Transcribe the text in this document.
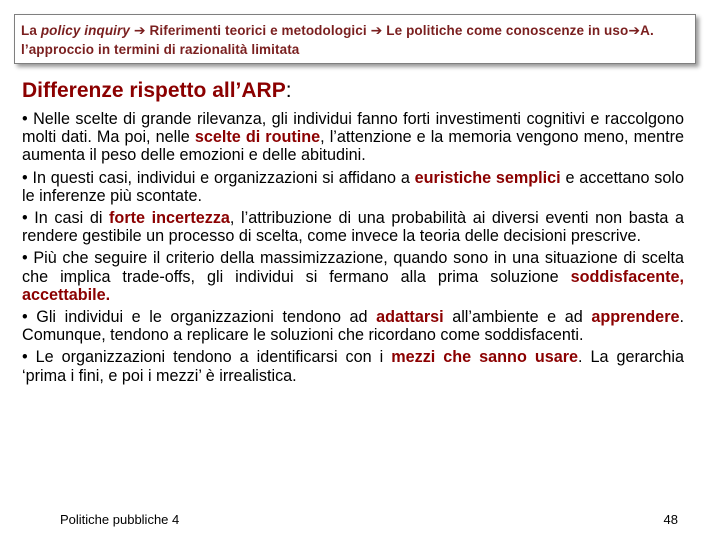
La policy inquiry ➔ Riferimenti teorici e metodologici ➔ Le politiche come conoscenze in uso➔A. l’approccio in termini di razionalità limitata
Differenze rispetto all’ARP:

• Nelle scelte di grande rilevanza, gli individui fanno forti investimenti cognitivi e raccolgono molti dati. Ma poi, nelle scelte di routine, l’attenzione e la memoria vengono meno, mentre aumenta il peso delle emozioni e delle abitudini.

• In questi casi, individui e organizzazioni si affidano a euristiche semplici e accettano solo le inferenze più scontate.

• In casi di forte incertezza, l’attribuzione di una probabilità ai diversi eventi non basta a rendere gestibile un processo di scelta, come invece la teoria delle decisioni prescrive.

• Più che seguire il criterio della massimizzazione, quando sono in una situazione di scelta che implica trade-offs, gli individui si fermano alla prima soluzione soddisfacente, accettabile.

• Gli individui e le organizzazioni tendono ad adattarsi all’ambiente e ad apprendere. Comunque, tendono a replicare le soluzioni che ricordano come soddisfacenti.

• Le organizzazioni tendono a identificarsi con i mezzi che sanno usare. La gerarchia ‘prima i fini, e poi i mezzi’ è irrealistica.

Politiche pubbliche 4	48
